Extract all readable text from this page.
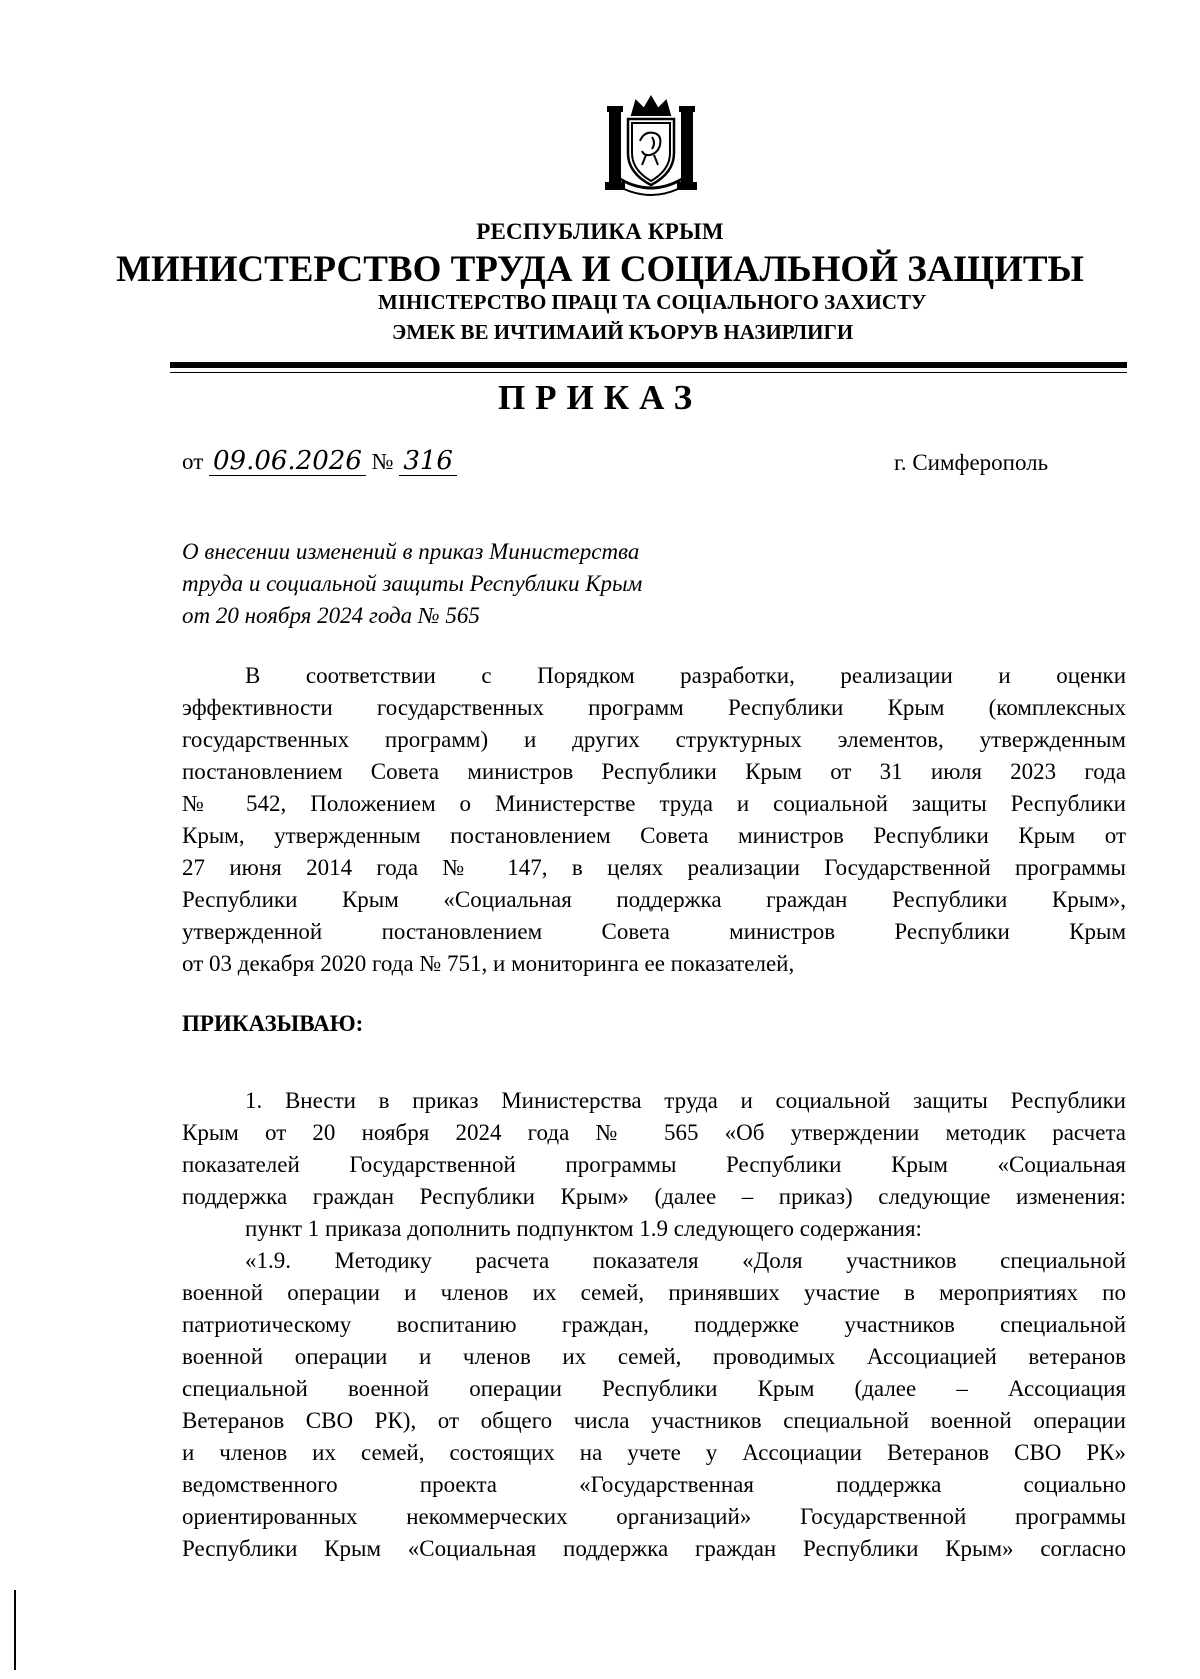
РЕСПУБЛИКА КРЫМ
МИНИСТЕРСТВО ТРУДА И СОЦИАЛЬНОЙ ЗАЩИТЫ
МІНІСТЕРСТВО ПРАЦІ ТА СОЦІАЛЬНОГО ЗАХИСТУ
ЭМЕК ВЕ ИЧТИМАИЙ КЪОРУВ НАЗИРЛИГИ
ПРИКАЗ
от 09.06.2026 № 316	г. Симферополь
О внесении изменений в приказ Министерства
труда и социальной защиты Республики Крым
от 20 ноября 2024 года № 565
В соответствии с Порядком разработки, реализации и оценки
эффективности государственных программ Республики Крым (комплексных
государственных программ) и других структурных элементов, утвержденным
постановлением Совета министров Республики Крым от 31 июля 2023 года
№ 542, Положением о Министерстве труда и социальной защиты Республики
Крым, утвержденным постановлением Совета министров Республики Крым от
27 июня 2014 года № 147, в целях реализации Государственной программы
Республики Крым «Социальная поддержка граждан Республики Крым»,
утвержденной постановлением Совета министров Республики Крым
от 03 декабря 2020 года № 751, и мониторинга ее показателей,
ПРИКАЗЫВАЮ:
1. Внести в приказ Министерства труда и социальной защиты Республики
Крым от 20 ноября 2024 года № 565 «Об утверждении методик расчета
показателей Государственной программы Республики Крым «Социальная
поддержка граждан Республики Крым» (далее – приказ) следующие изменения:
пункт 1 приказа дополнить подпунктом 1.9 следующего содержания:
«1.9. Методику расчета показателя «Доля участников специальной
военной операции и членов их семей, принявших участие в мероприятиях по
патриотическому воспитанию граждан, поддержке участников специальной
военной операции и членов их семей, проводимых Ассоциацией ветеранов
специальной военной операции Республики Крым (далее – Ассоциация
Ветеранов СВО РК), от общего числа участников специальной военной операции
и членов их семей, состоящих на учете у Ассоциации Ветеранов СВО РК»
ведомственного проекта «Государственная поддержка социально
ориентированных некоммерческих организаций» Государственной программы
Республики Крым «Социальная поддержка граждан Республики Крым» согласно
